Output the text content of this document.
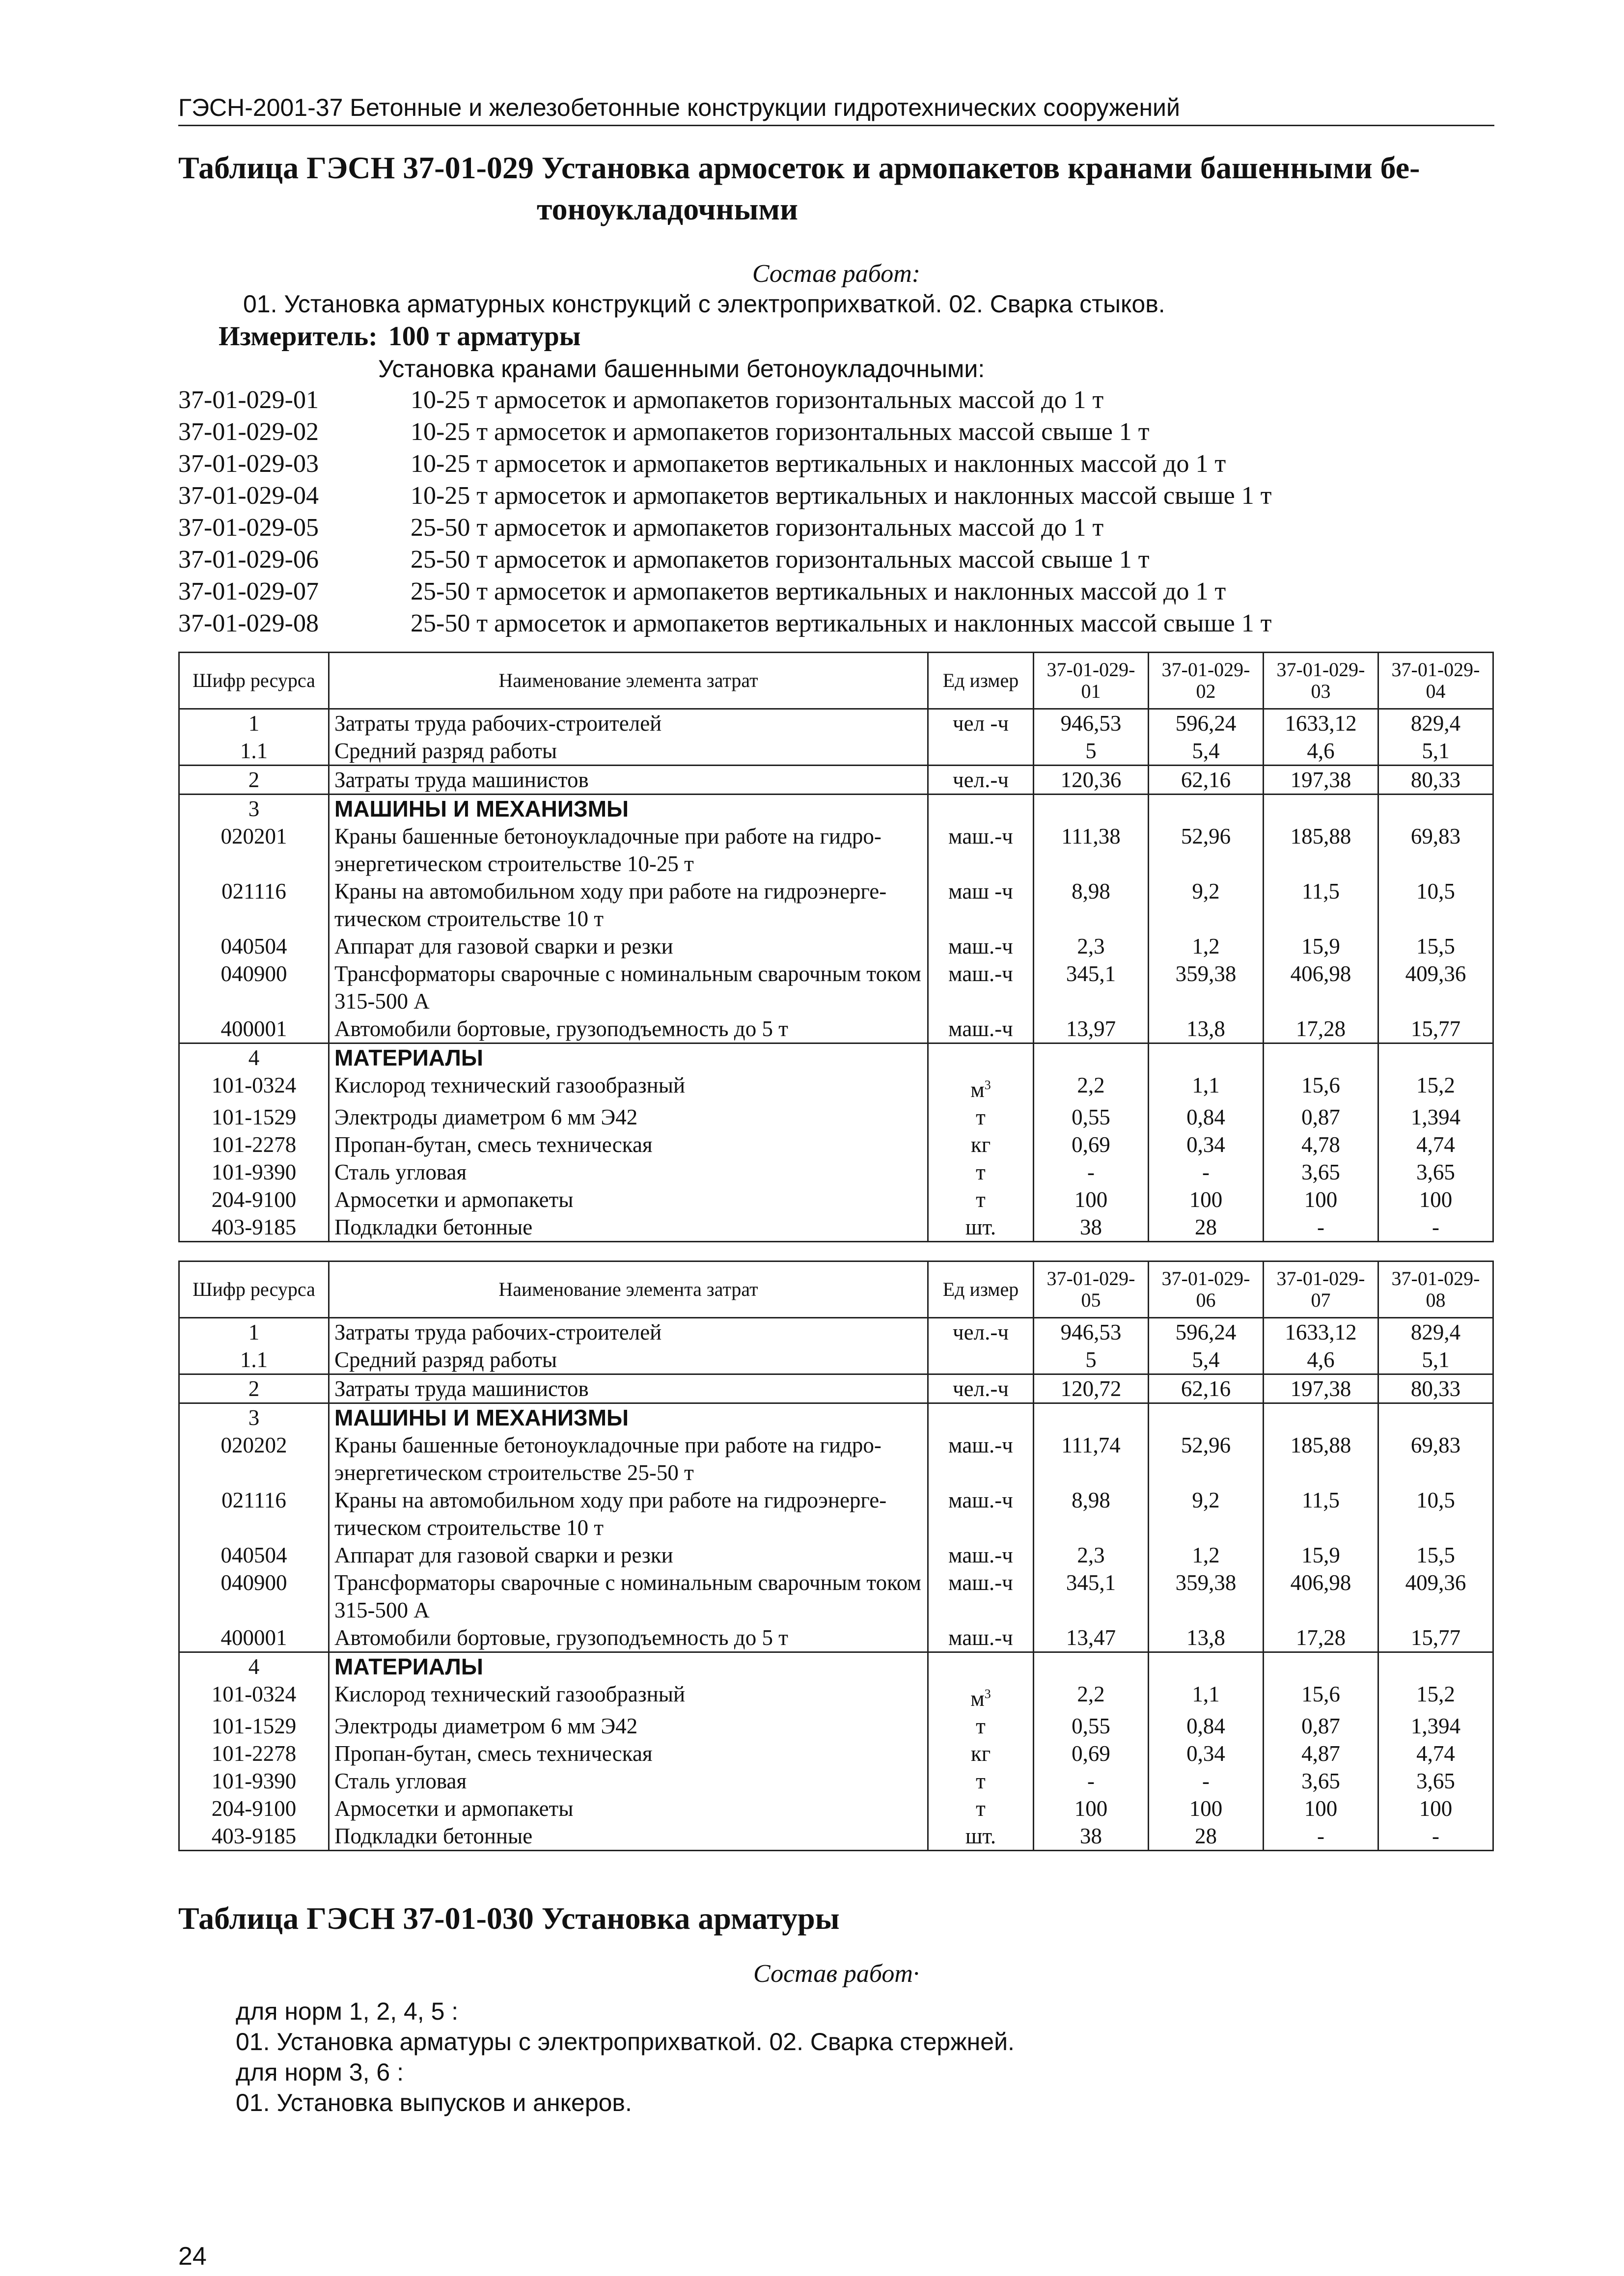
ГЭСН-2001-37 Бетонные и железобетонные конструкции гидротехнических сооружений
Таблица ГЭСН 37-01-029 Установка армосеток и армопакетов кранами башенными бе-
тоноукладочными
Состав работ:
01. Установка арматурных конструкций с электроприхваткой. 02. Сварка стыков.
Измеритель: 100 т арматуры
Установка кранами башенными бетоноукладочными:
37-01-029-01	10-25 т армосеток и армопакетов горизонтальных массой до 1 т
37-01-029-02	10-25 т армосеток и армопакетов горизонтальных массой свыше 1 т
37-01-029-03	10-25 т армосеток и армопакетов вертикальных и наклонных массой до 1 т
37-01-029-04	10-25 т армосеток и армопакетов вертикальных и наклонных массой свыше 1 т
37-01-029-05	25-50 т армосеток и армопакетов горизонтальных массой до 1 т
37-01-029-06	25-50 т армосеток и армопакетов горизонтальных массой свыше 1 т
37-01-029-07	25-50 т армосеток и армопакетов вертикальных и наклонных массой до 1 т
37-01-029-08	25-50 т армосеток и армопакетов вертикальных и наклонных массой свыше 1 т
Шифр ресурса	Наименование элемента затрат	Ед измер	37-01-029-01	37-01-029-02	37-01-029-03	37-01-029-04
1	Затраты труда рабочих-строителей	чел -ч	946,53	596,24	1633,12	829,4
1.1	Средний разряд работы		5	5,4	4,6	5,1
2	Затраты труда машинистов	чел.-ч	120,36	62,16	197,38	80,33
3	МАШИНЫ И МЕХАНИЗМЫ					
020201	Краны башенные бетоноукладочные при работе на гидро-энергетическом строительстве 10-25 т	маш.-ч	111,38	52,96	185,88	69,83
021116	Краны на автомобильном ходу при работе на гидроэнерге-тическом строительстве 10 т	маш -ч	8,98	9,2	11,5	10,5
040504	Аппарат для газовой сварки и резки	маш.-ч	2,3	1,2	15,9	15,5
040900	Трансформаторы сварочные с номинальным сварочным током 315-500 А	маш.-ч	345,1	359,38	406,98	409,36
400001	Автомобили бортовые, грузоподъемность до 5 т	маш.-ч	13,97	13,8	17,28	15,77
4	МАТЕРИАЛЫ					
101-0324	Кислород технический газообразный	$м^3$	2,2	1,1	15,6	15,2
101-1529	Электроды диаметром 6 мм Э42	т	0,55	0,84	0,87	1,394
101-2278	Пропан-бутан, смесь техническая	кг	0,69	0,34	4,78	4,74
101-9390	Сталь угловая	т	-	-	3,65	3,65
204-9100	Армосетки и армопакеты	т	100	100	100	100
403-9185	Подкладки бетонные	шт.	38	28	-	-
Шифр ресурса	Наименование элемента затрат	Ед измер	37-01-029-05	37-01-029-06	37-01-029-07	37-01-029-08
1	Затраты труда рабочих-строителей	чел.-ч	946,53	596,24	1633,12	829,4
1.1	Средний разряд работы		5	5,4	4,6	5,1
2	Затраты труда машинистов	чел.-ч	120,72	62,16	197,38	80,33
3	МАШИНЫ И МЕХАНИЗМЫ					
020202	Краны башенные бетоноукладочные при работе на гидро-энергетическом строительстве 25-50 т	маш.-ч	111,74	52,96	185,88	69,83
021116	Краны на автомобильном ходу при работе на гидроэнерге-тическом строительстве 10 т	маш.-ч	8,98	9,2	11,5	10,5
040504	Аппарат для газовой сварки и резки	маш.-ч	2,3	1,2	15,9	15,5
040900	Трансформаторы сварочные с номинальным сварочным током 315-500 А	маш.-ч	345,1	359,38	406,98	409,36
400001	Автомобили бортовые, грузоподъемность до 5 т	маш.-ч	13,47	13,8	17,28	15,77
4	МАТЕРИАЛЫ					
101-0324	Кислород технический газообразный	$м^3$	2,2	1,1	15,6	15,2
101-1529	Электроды диаметром 6 мм Э42	т	0,55	0,84	0,87	1,394
101-2278	Пропан-бутан, смесь техническая	кг	0,69	0,34	4,87	4,74
101-9390	Сталь угловая	т	-	-	3,65	3,65
204-9100	Армосетки и армопакеты	т	100	100	100	100
403-9185	Подкладки бетонные	шт.	38	28	-	-
Таблица ГЭСН 37-01-030 Установка арматуры
Состав работ·
для норм 1, 2, 4, 5 :
01. Установка арматуры с электроприхваткой. 02. Сварка стержней.
для норм 3, 6 :
01. Установка выпусков и анкеров.
24
